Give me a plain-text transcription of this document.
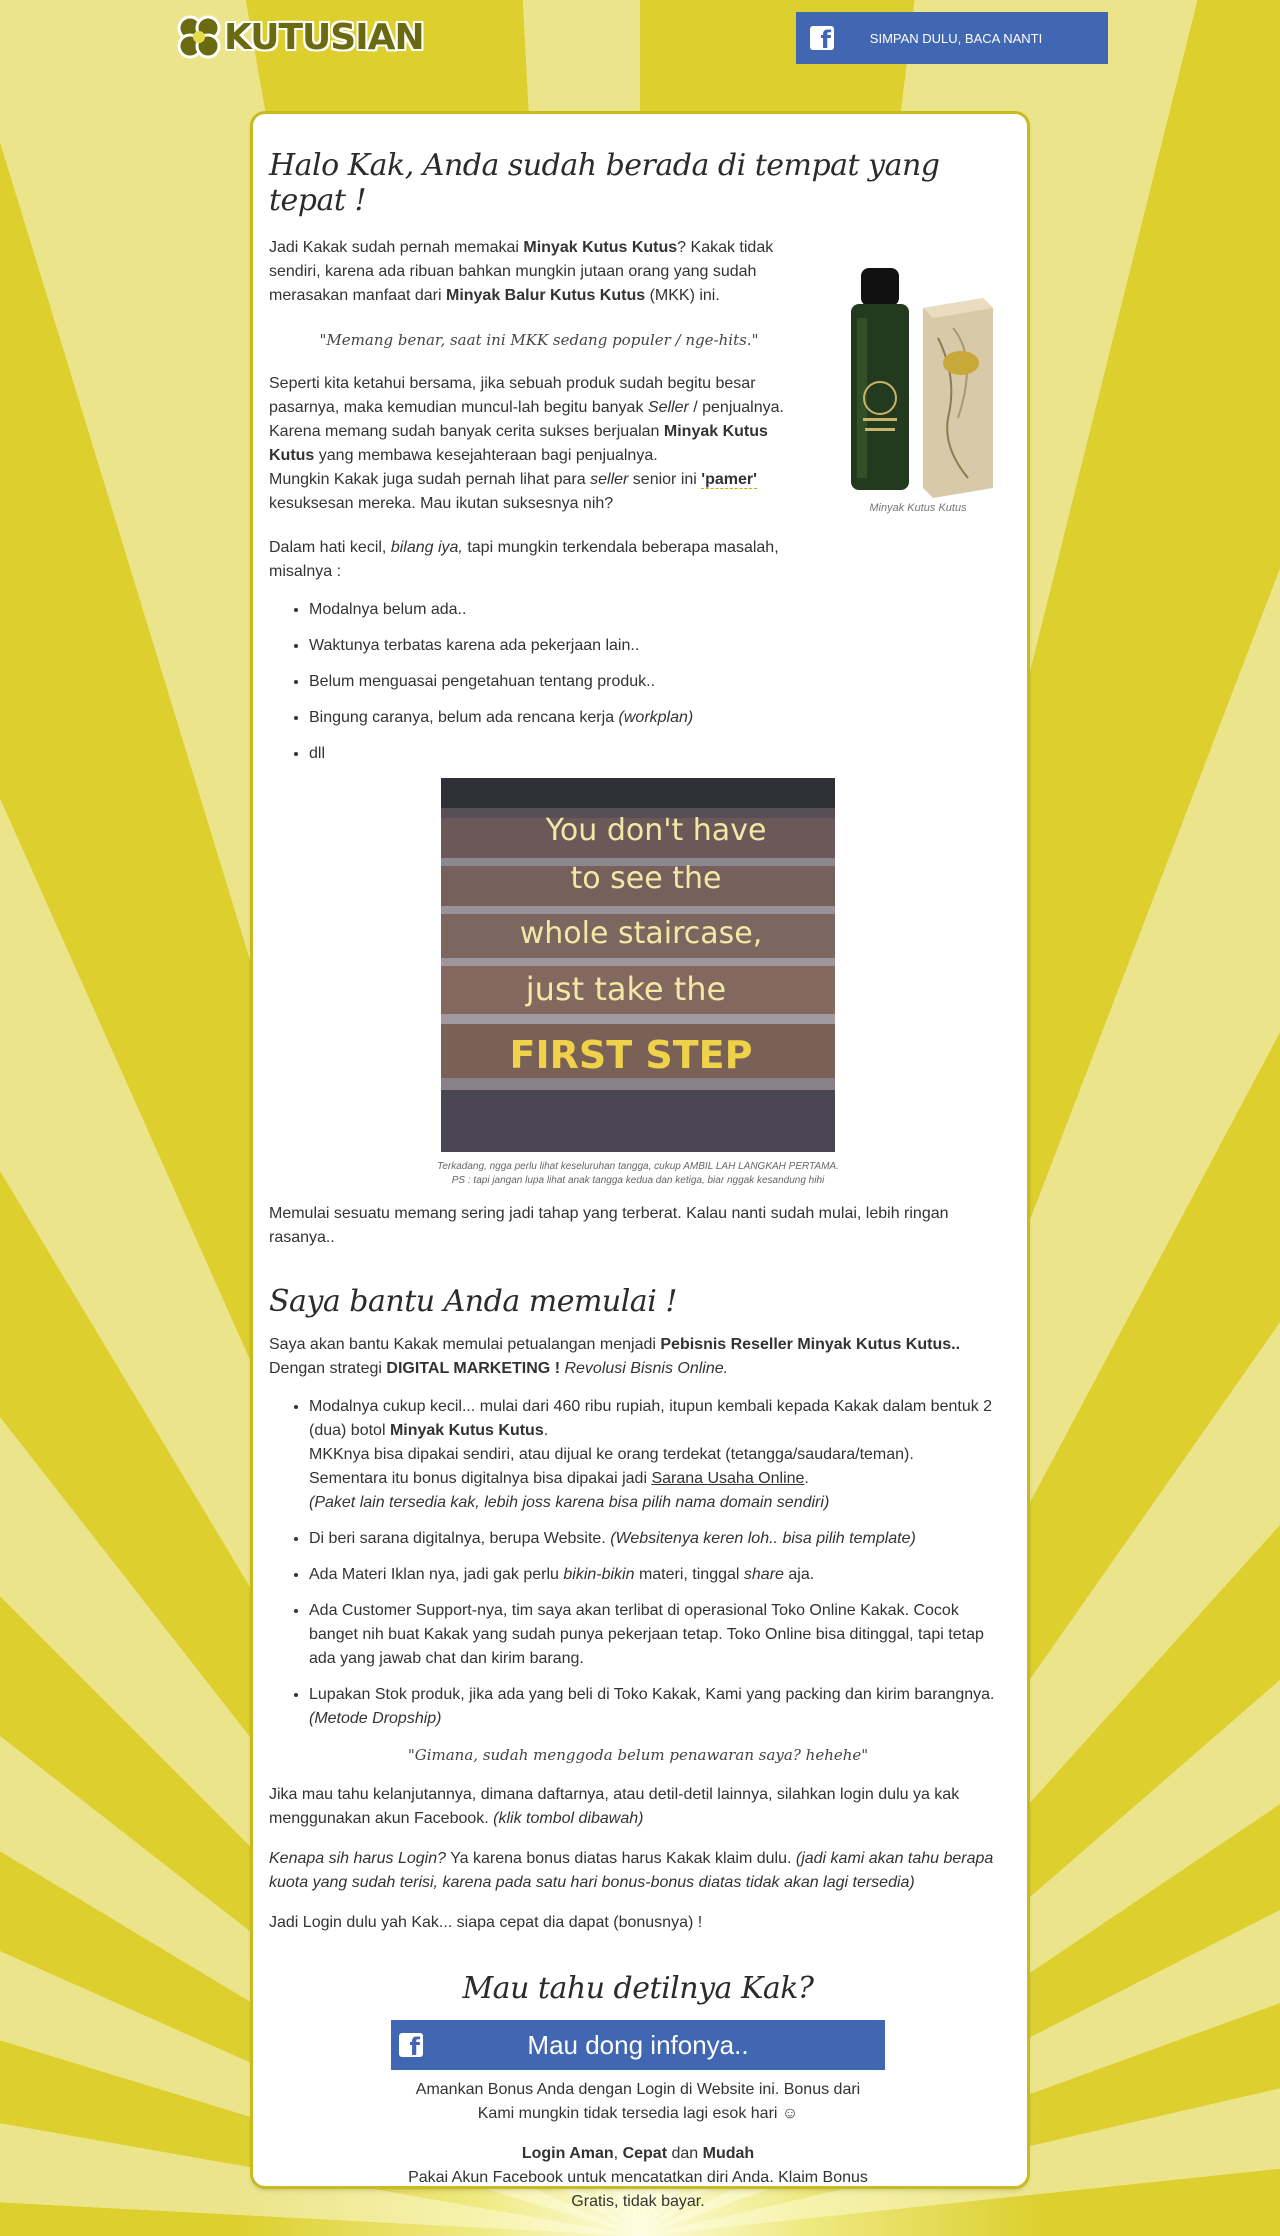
KUTUSIAN	f	SIMPAN DULU, BACA NANTI
Halo Kak, Anda sudah berada di tempat yang tepat !
Minyak Kutus Kutus

Jadi Kakak sudah pernah memakai Minyak Kutus Kutus? Kakak tidak sendiri, karena ada ribuan bahkan mungkin jutaan orang yang sudah merasakan manfaat dari Minyak Balur Kutus Kutus (MKK) ini.

"Memang benar, saat ini MKK sedang populer / nge-hits."

Seperti kita ketahui bersama, jika sebuah produk sudah begitu besar pasarnya, maka kemudian muncul-lah begitu banyak Seller / penjualnya. Karena memang sudah banyak cerita sukses berjualan Minyak Kutus Kutus yang membawa kesejahteraan bagi penjualnya.
Mungkin Kakak juga sudah pernah lihat para seller senior ini 'pamer' kesuksesan mereka. Mau ikutan suksesnya nih?

Dalam hati kecil, bilang iya, tapi mungkin terkendala beberapa masalah, misalnya :

• Modalnya belum ada..
• Waktunya terbatas karena ada pekerjaan lain..
• Belum menguasai pengetahuan tentang produk..
• Bingung caranya, belum ada rencana kerja (workplan)
• dll
You don't have
to see the
whole staircase,
just take the
FIRST STEP
Terkadang, ngga perlu lihat keseluruhan tangga, cukup AMBIL LAH LANGKAH PERTAMA.
PS : tapi jangan lupa lihat anak tangga kedua dan ketiga, biar nggak kesandung hihi

Memulai sesuatu memang sering jadi tahap yang terberat. Kalau nanti sudah mulai, lebih ringan rasanya..

Saya bantu Anda memulai !

Saya akan bantu Kakak memulai petualangan menjadi Pebisnis Reseller Minyak Kutus Kutus..
Dengan strategi DIGITAL MARKETING ! Revolusi Bisnis Online.

• Modalnya cukup kecil... mulai dari 460 ribu rupiah, itupun kembali kepada Kakak dalam bentuk 2 (dua) botol Minyak Kutus Kutus.
MKKnya bisa dipakai sendiri, atau dijual ke orang terdekat (tetangga/saudara/teman).
Sementara itu bonus digitalnya bisa dipakai jadi Sarana Usaha Online.
(Paket lain tersedia kak, lebih joss karena bisa pilih nama domain sendiri)
• Di beri sarana digitalnya, berupa Website. (Websitenya keren loh.. bisa pilih template)
• Ada Materi Iklan nya, jadi gak perlu bikin-bikin materi, tinggal share aja.
• Ada Customer Support-nya, tim saya akan terlibat di operasional Toko Online Kakak. Cocok banget nih buat Kakak yang sudah punya pekerjaan tetap. Toko Online bisa ditinggal, tapi tetap ada yang jawab chat dan kirim barang.
• Lupakan Stok produk, jika ada yang beli di Toko Kakak, Kami yang packing dan kirim barangnya. (Metode Dropship)

"Gimana, sudah menggoda belum penawaran saya? hehehe"

Jika mau tahu kelanjutannya, dimana daftarnya, atau detil-detil lainnya, silahkan login dulu ya kak menggunakan akun Facebook. (klik tombol dibawah)

Kenapa sih harus Login? Ya karena bonus diatas harus Kakak klaim dulu. (jadi kami akan tahu berapa kuota yang sudah terisi, karena pada satu hari bonus-bonus diatas tidak akan lagi tersedia)

Jadi Login dulu yah Kak... siapa cepat dia dapat (bonusnya) !

Mau tahu detilnya Kak?
f	Mau dong infonya..

Amankan Bonus Anda dengan Login di Website ini. Bonus dari Kami mungkin tidak tersedia lagi esok hari ☺

Login Aman, Cepat dan Mudah
Pakai Akun Facebook untuk mencatatkan diri Anda. Klaim Bonus Gratis, tidak bayar.
